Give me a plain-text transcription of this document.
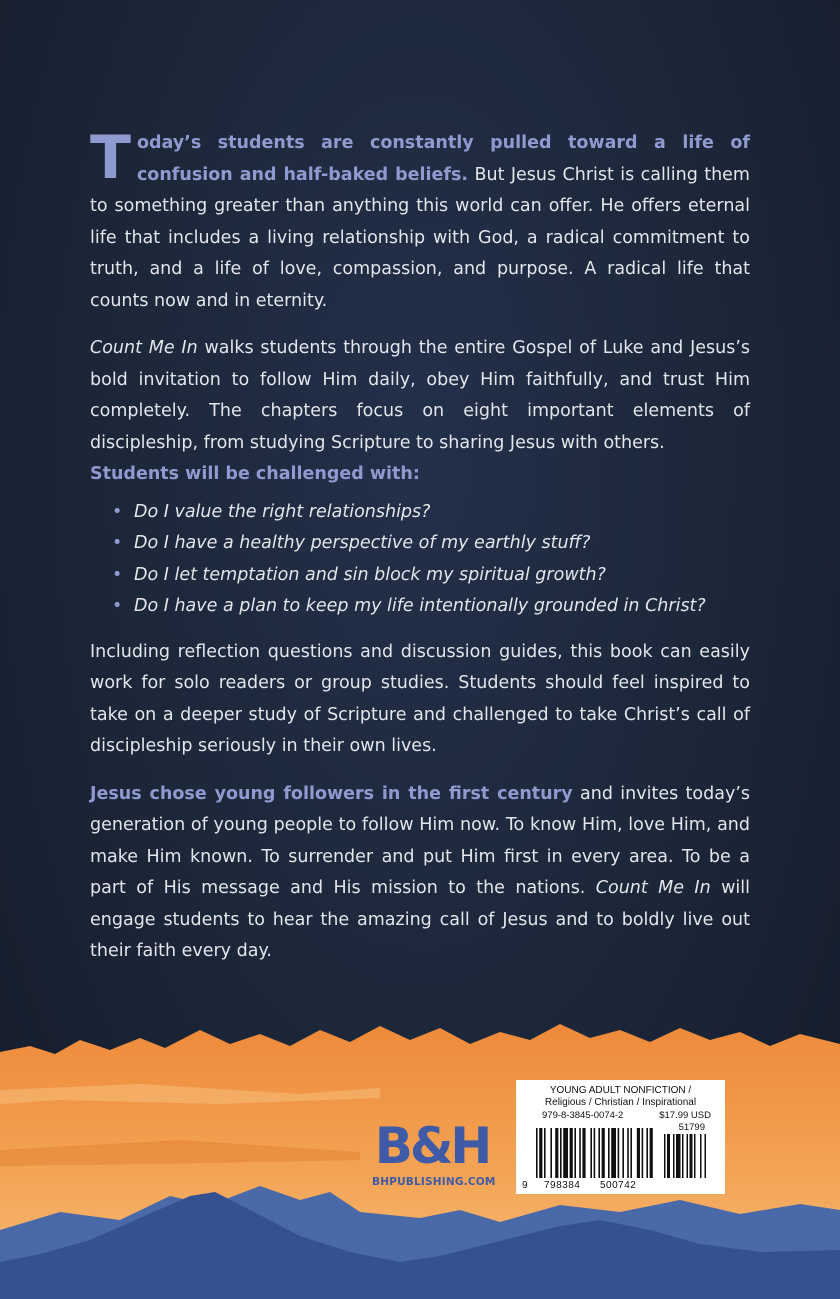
Today’s students are constantly pulled toward a life of confusion and half-baked beliefs. But Jesus Christ is calling them to something greater than anything this world can offer. He offers eternal life that includes a living relationship with God, a radical commitment to truth, and a life of love, compassion, and purpose. A radical life that counts now and in eternity.

Count Me In walks students through the entire Gospel of Luke and Jesus’s bold invitation to follow Him daily, obey Him faithfully, and trust Him completely. The chapters focus on eight important elements of discipleship, from studying Scripture to sharing Jesus with others.
Students will be challenged with:

• Do I value the right relationships?
• Do I have a healthy perspective of my earthly stuff?
• Do I let temptation and sin block my spiritual growth?
• Do I have a plan to keep my life intentionally grounded in Christ?

Including reflection questions and discussion guides, this book can easily work for solo readers or group studies. Students should feel inspired to take on a deeper study of Scripture and challenged to take Christ’s call of discipleship seriously in their own lives.

Jesus chose young followers in the first century and invites today’s generation of young people to follow Him now. To know Him, love Him, and make Him known. To surrender and put Him first in every area. To be a part of His message and His mission to the nations. Count Me In will engage students to hear the amazing call of Jesus and to boldly live out their faith every day.

B&H
BHPUBLISHING.COM
YOUNG ADULT NONFICTION /
Religious / Christian / Inspirational
979-8-3845-0074-2	$17.99 USD
51799
9 798384 500742
